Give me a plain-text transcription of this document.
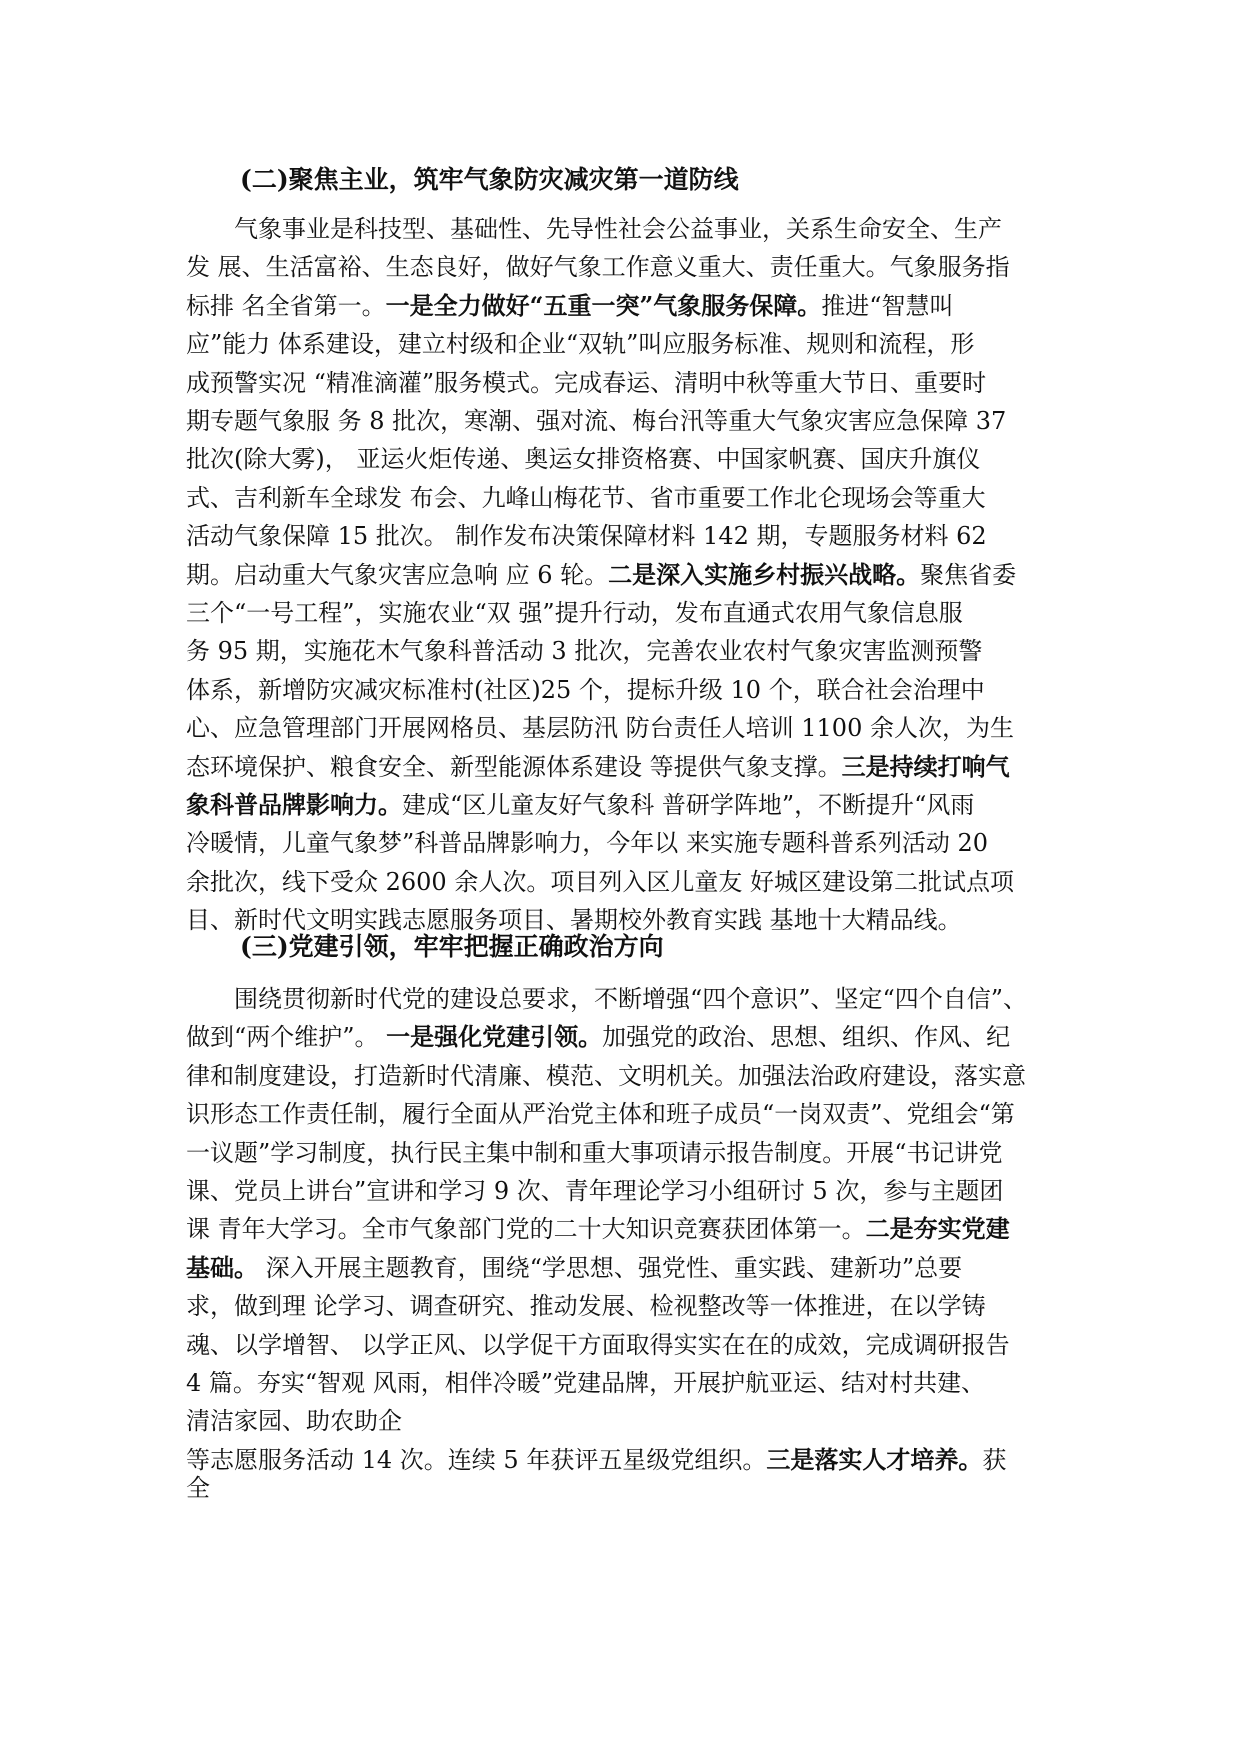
(二)聚焦主业，筑牢气象防灾减灾第一道防线
　　气象事业是科技型、基础性、先导性社会公益事业，关系生命安全、生产
发 展、生活富裕、生态良好，做好气象工作意义重大、责任重大。气象服务指
标排 名全省第一。一是全力做好“五重一突”气象服务保障。推进“智慧叫
应”能力 体系建设，建立村级和企业“双轨”叫应服务标准、规则和流程，形
成预警实况 “精准滴灌”服务模式。完成春运、清明中秋等重大节日、重要时
期专题气象服 务 8 批次，寒潮、强对流、梅台汛等重大气象灾害应急保障 37
批次(除大雾)， 亚运火炬传递、奥运女排资格赛、中国家帆赛、国庆升旗仪
式、吉利新车全球发 布会、九峰山梅花节、省市重要工作北仑现场会等重大
活动气象保障 15 批次。 制作发布决策保障材料 142 期，专题服务材料 62
期。启动重大气象灾害应急响 应 6 轮。二是深入实施乡村振兴战略。聚焦省委
三个“一号工程”，实施农业“双 强”提升行动，发布直通式农用气象信息服
务 95 期，实施花木气象科普活动 3 批次，完善农业农村气象灾害监测预警
体系，新增防灾减灾标准村(社区)25 个，提标升级 10 个，联合社会治理中
心、应急管理部门开展网格员、基层防汛 防台责任人培训 1100 余人次，为生
态环境保护、粮食安全、新型能源体系建设 等提供气象支撑。三是持续打响气
象科普品牌影响力。建成“区儿童友好气象科 普研学阵地”，不断提升“风雨
冷暖情，儿童气象梦”科普品牌影响力，今年以 来实施专题科普系列活动 20
余批次，线下受众 2600 余人次。项目列入区儿童友 好城区建设第二批试点项
目、新时代文明实践志愿服务项目、暑期校外教育实践 基地十大精品线。
(三)党建引领，牢牢把握正确政治方向
　　围绕贯彻新时代党的建设总要求，不断增强“四个意识”、坚定“四个自信”、
做到“两个维护”。 一是强化党建引领。加强党的政治、思想、组织、作风、纪
律和制度建设，打造新时代清廉、模范、文明机关。加强法治政府建设，落实意
识形态工作责任制，履行全面从严治党主体和班子成员“一岗双责”、党组会“第
一议题”学习制度，执行民主集中制和重大事项请示报告制度。开展“书记讲党
课、党员上讲台”宣讲和学习 9 次、青年理论学习小组研讨 5 次，参与主题团
课 青年大学习。全市气象部门党的二十大知识竞赛获团体第一。二是夯实党建
基础。 深入开展主题教育，围绕“学思想、强党性、重实践、建新功”总要
求，做到理 论学习、调查研究、推动发展、检视整改等一体推进，在以学铸
魂、以学增智、 以学正风、以学促干方面取得实实在在的成效，完成调研报告
4 篇。夯实“智观 风雨，相伴冷暖”党建品牌，开展护航亚运、结对村共建、
清洁家园、助农助企
等志愿服务活动 14 次。连续 5 年获评五星级党组织。三是落实人才培养。获
全
